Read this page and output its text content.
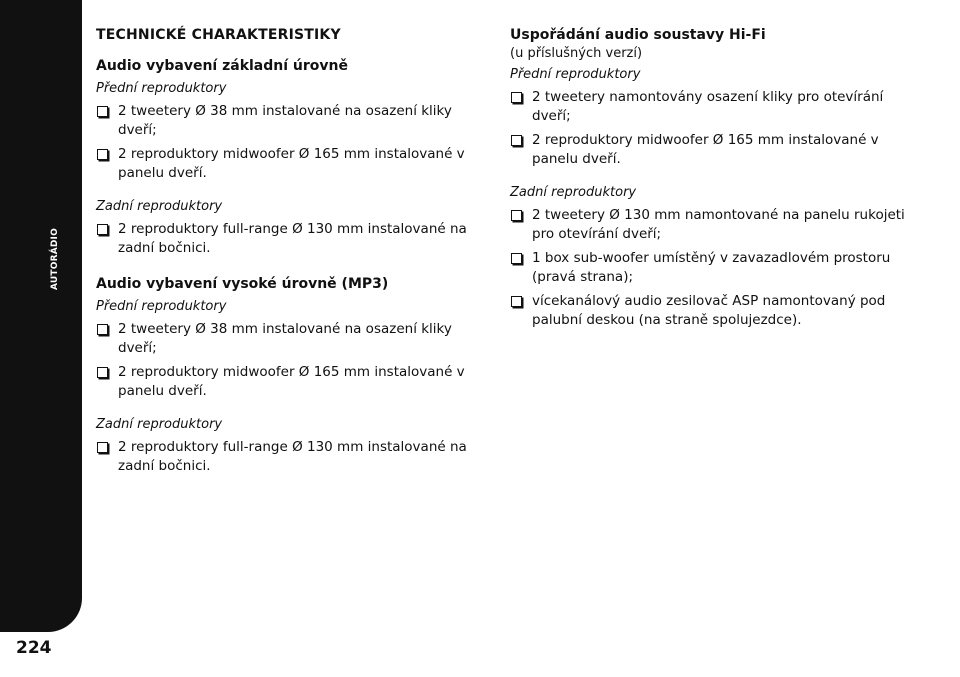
AUTORÁDIO
224
TECHNICKÉ CHARAKTERISTIKY
Audio vybavení základní úrovně
Přední reproduktory
2 tweetery Ø 38 mm instalované na osazení kliky dveří;
2 reproduktory midwoofer Ø 165 mm instalované v panelu dveří.
Zadní reproduktory
2 reproduktory full-range Ø 130 mm instalované na zadní bočnici.
Audio vybavení vysoké úrovně (MP3)
Přední reproduktory
2 tweetery Ø 38 mm instalované na osazení kliky dveří;
2 reproduktory midwoofer Ø 165 mm instalované v panelu dveří.
Zadní reproduktory
2 reproduktory full-range Ø 130 mm instalované na zadní bočnici.
Uspořádání audio soustavy Hi-Fi
(u příslušných verzí)
Přední reproduktory
2 tweetery namontovány osazení kliky pro otevírání dveří;
2 reproduktory midwoofer Ø 165 mm instalované v panelu dveří.
Zadní reproduktory
2 tweetery Ø 130 mm namontované na panelu rukojeti pro otevírání dveří;
1 box sub-woofer umístěný v zavazadlovém prostoru (pravá strana);
vícekanálový audio zesilovač ASP namontovaný pod palubní deskou (na straně spolujezdce).
